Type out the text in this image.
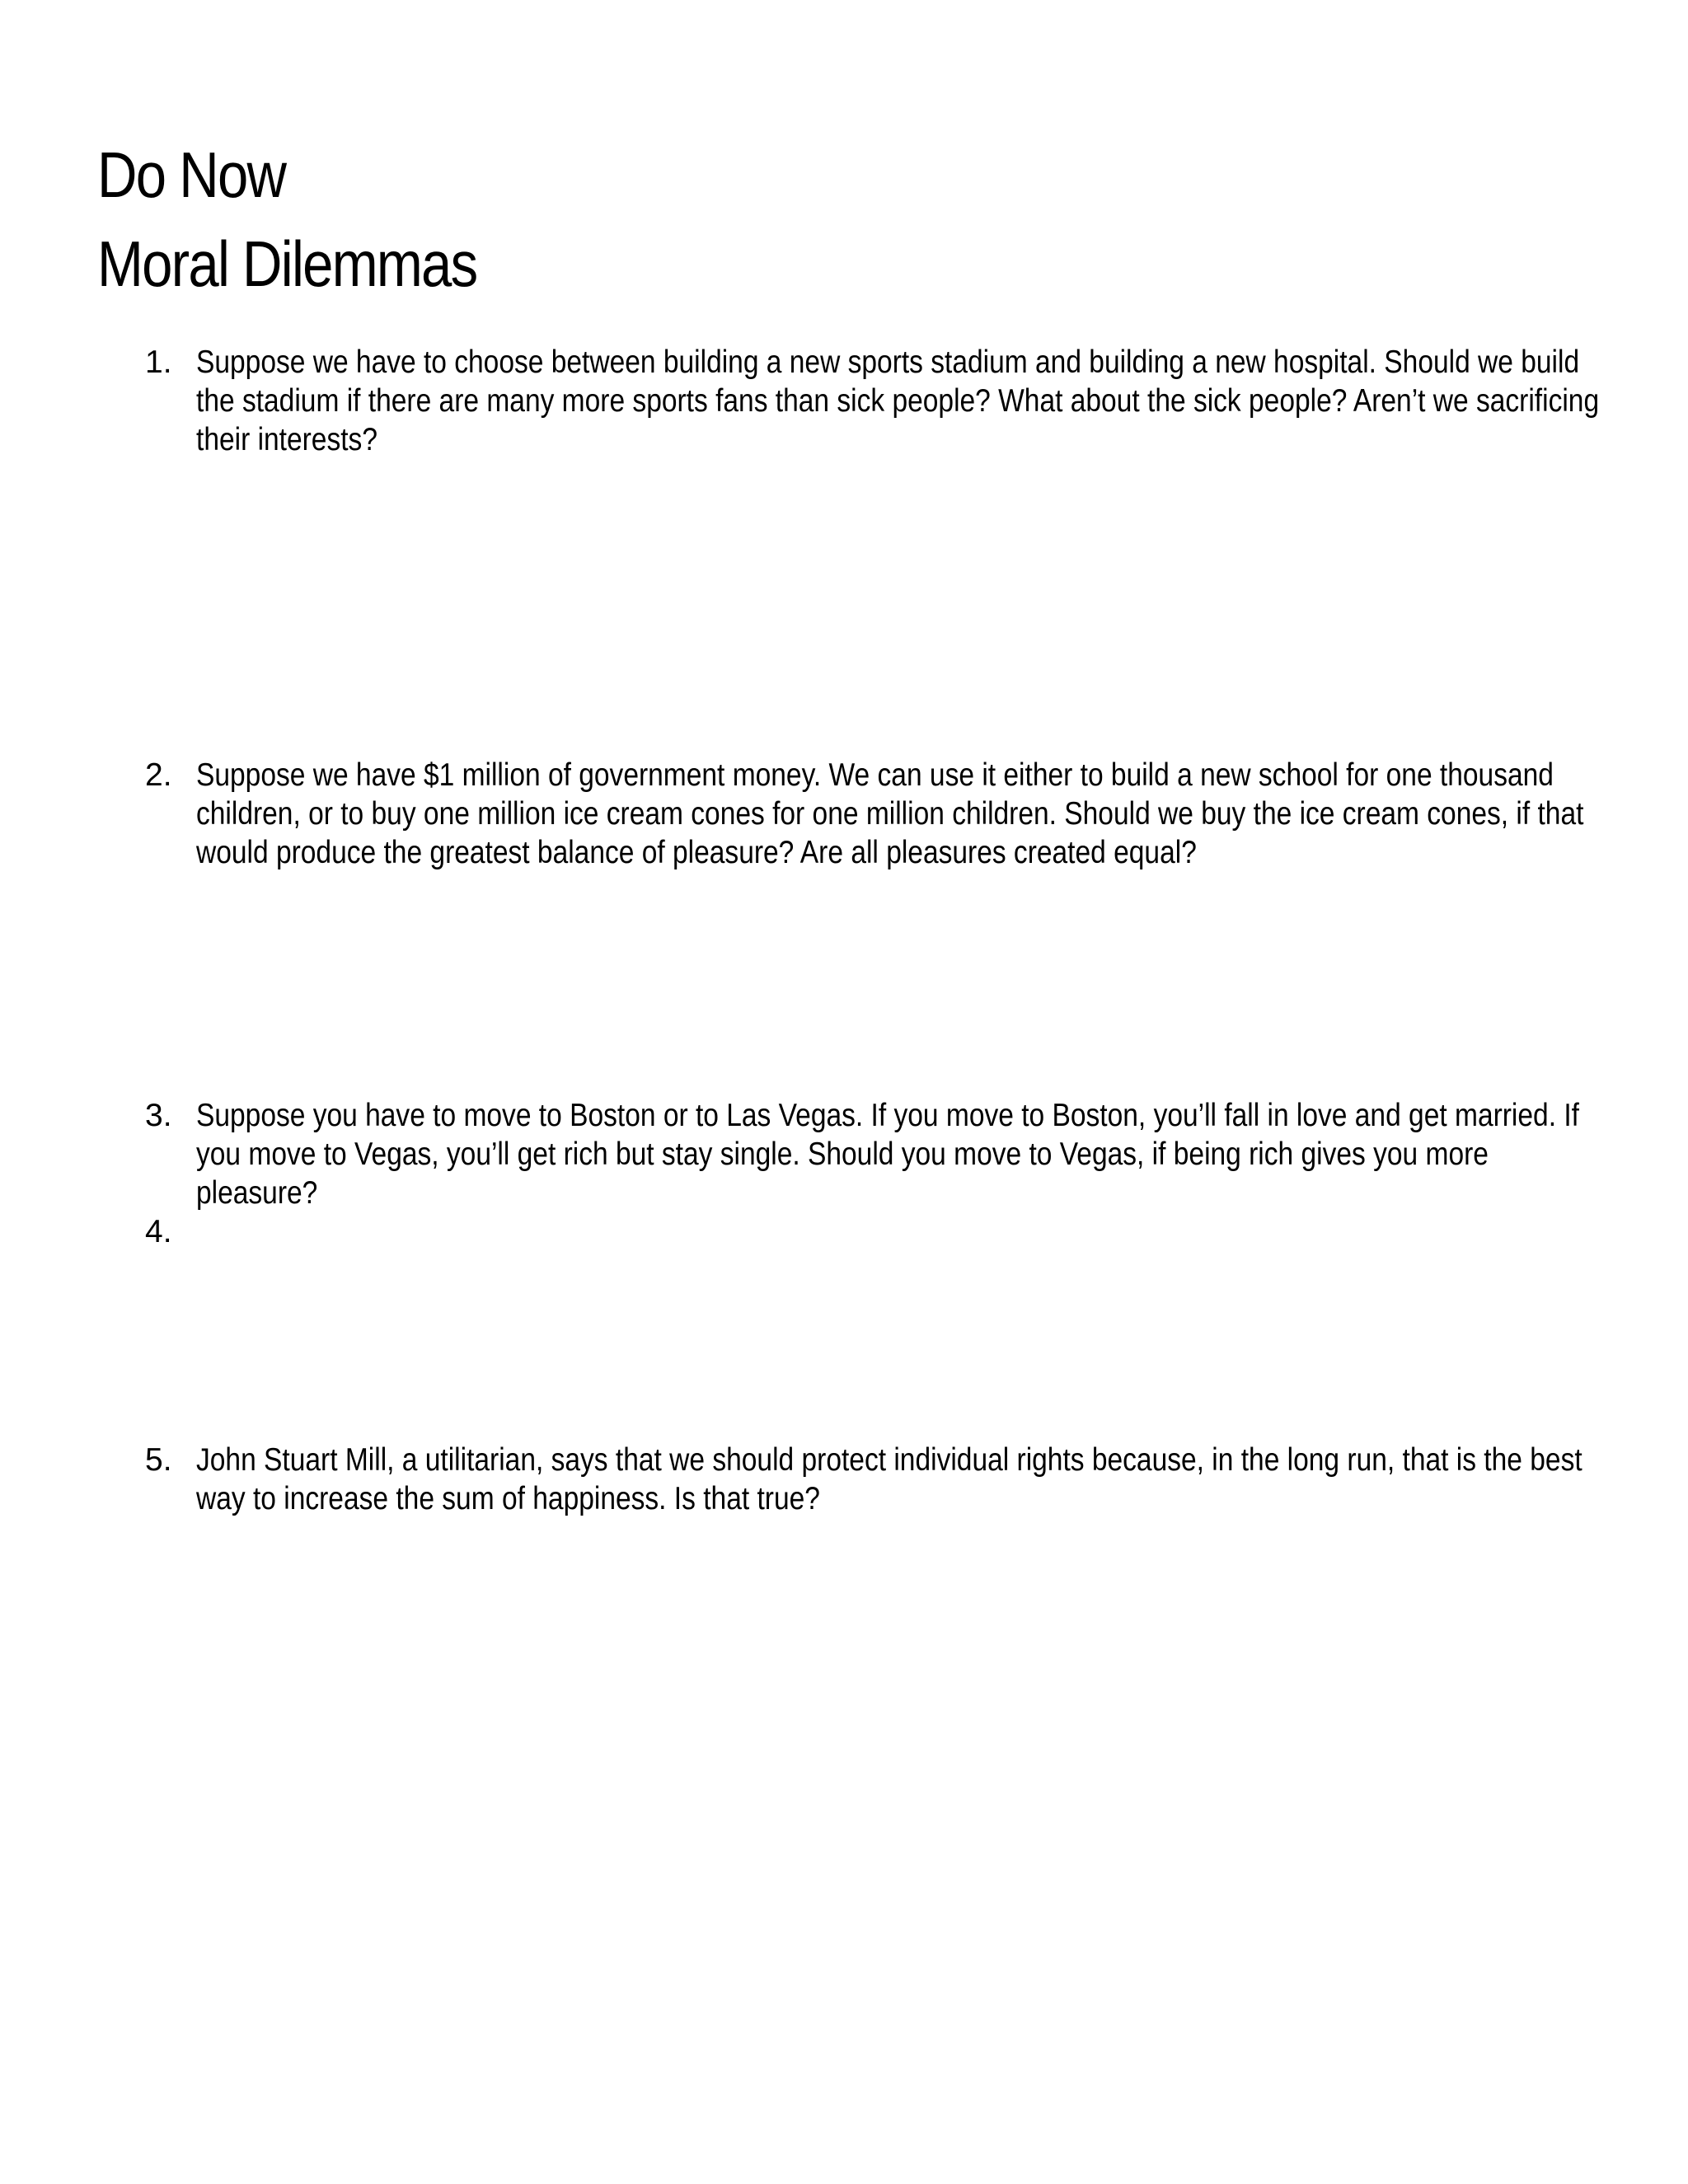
Do Now
Moral Dilemmas
1. Suppose we have to choose between building a new sports stadium and building a new hospital. Should we build
the stadium if there are many more sports fans than sick people? What about the sick people? Aren’t we sacrificing
their interests?
2. Suppose we have $1 million of government money. We can use it either to build a new school for one thousand
children, or to buy one million ice cream cones for one million children. Should we buy the ice cream cones, if that
would produce the greatest balance of pleasure? Are all pleasures created equal?
3. Suppose you have to move to Boston or to Las Vegas. If you move to Boston, you’ll fall in love and get married. If
you move to Vegas, you’ll get rich but stay single. Should you move to Vegas, if being rich gives you more
pleasure?
4.
5. John Stuart Mill, a utilitarian, says that we should protect individual rights because, in the long run, that is the best
way to increase the sum of happiness. Is that true?
